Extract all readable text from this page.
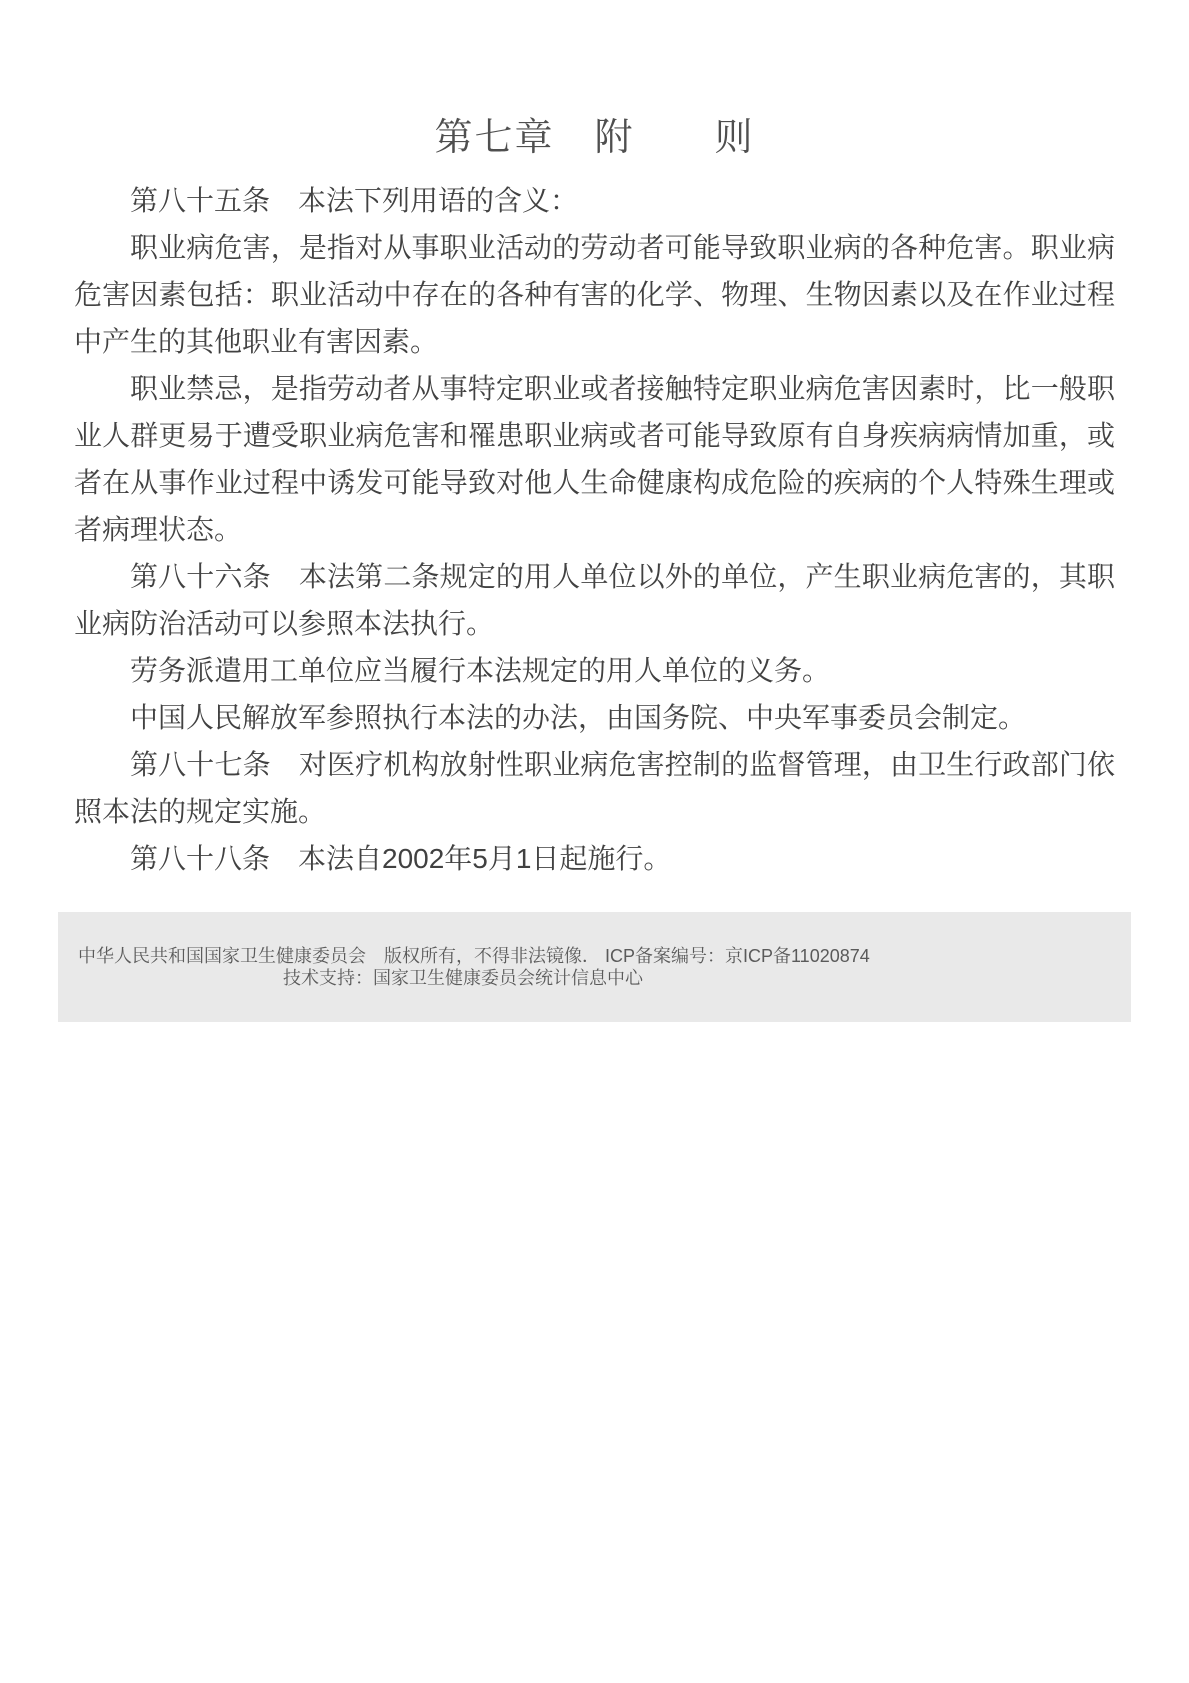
第七章　附　　则

第八十五条　本法下列用语的含义：

职业病危害，是指对从事职业活动的劳动者可能导致职业病的各种危害。职业病危害因素包括：职业活动中存在的各种有害的化学、物理、生物因素以及在作业过程中产生的其他职业有害因素。

职业禁忌，是指劳动者从事特定职业或者接触特定职业病危害因素时，比一般职业人群更易于遭受职业病危害和罹患职业病或者可能导致原有自身疾病病情加重，或者在从事作业过程中诱发可能导致对他人生命健康构成危险的疾病的个人特殊生理或者病理状态。

第八十六条　本法第二条规定的用人单位以外的单位，产生职业病危害的，其职业病防治活动可以参照本法执行。

劳务派遣用工单位应当履行本法规定的用人单位的义务。

中国人民解放军参照执行本法的办法，由国务院、中央军事委员会制定。

第八十七条　对医疗机构放射性职业病危害控制的监督管理，由卫生行政部门依照本法的规定实施。

第八十八条　本法自2002年5月1日起施行。

中华人民共和国国家卫生健康委员会　版权所有，不得非法镜像． ICP备案编号：京ICP备11020874
技术支持：国家卫生健康委员会统计信息中心
